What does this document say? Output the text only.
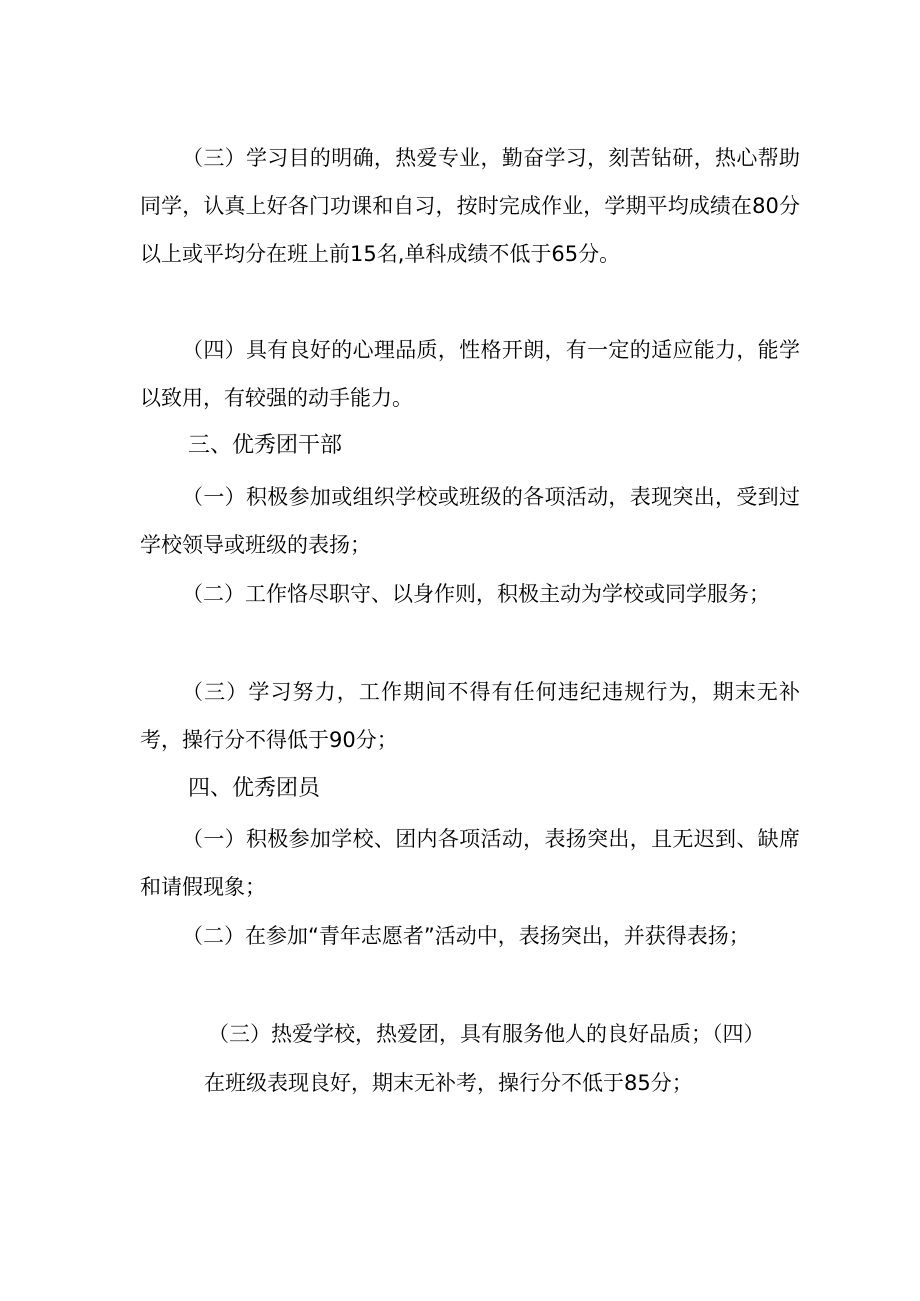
（三）学习目的明确，热爱专业，勤奋学习，刻苦钻研，热心帮助同学，认真上好各门功课和自习，按时完成作业，学期平均成绩在80分以上或平均分在班上前15名,单科成绩不低于65分。

（四）具有良好的心理品质，性格开朗，有一定的适应能力，能学以致用，有较强的动手能力。

三、优秀团干部

（一）积极参加或组织学校或班级的各项活动，表现突出，受到过学校领导或班级的表扬；

（二）工作恪尽职守、以身作则，积极主动为学校或同学服务；

（三）学习努力，工作期间不得有任何违纪违规行为，期末无补考，操行分不得低于90分；

四、优秀团员

（一）积极参加学校、团内各项活动，表扬突出，且无迟到、缺席和请假现象；

（二）在参加“青年志愿者”活动中，表扬突出，并获得表扬；

（三）热爱学校，热爱团，具有服务他人的良好品质；（四）

在班级表现良好，期末无补考，操行分不低于85分；
